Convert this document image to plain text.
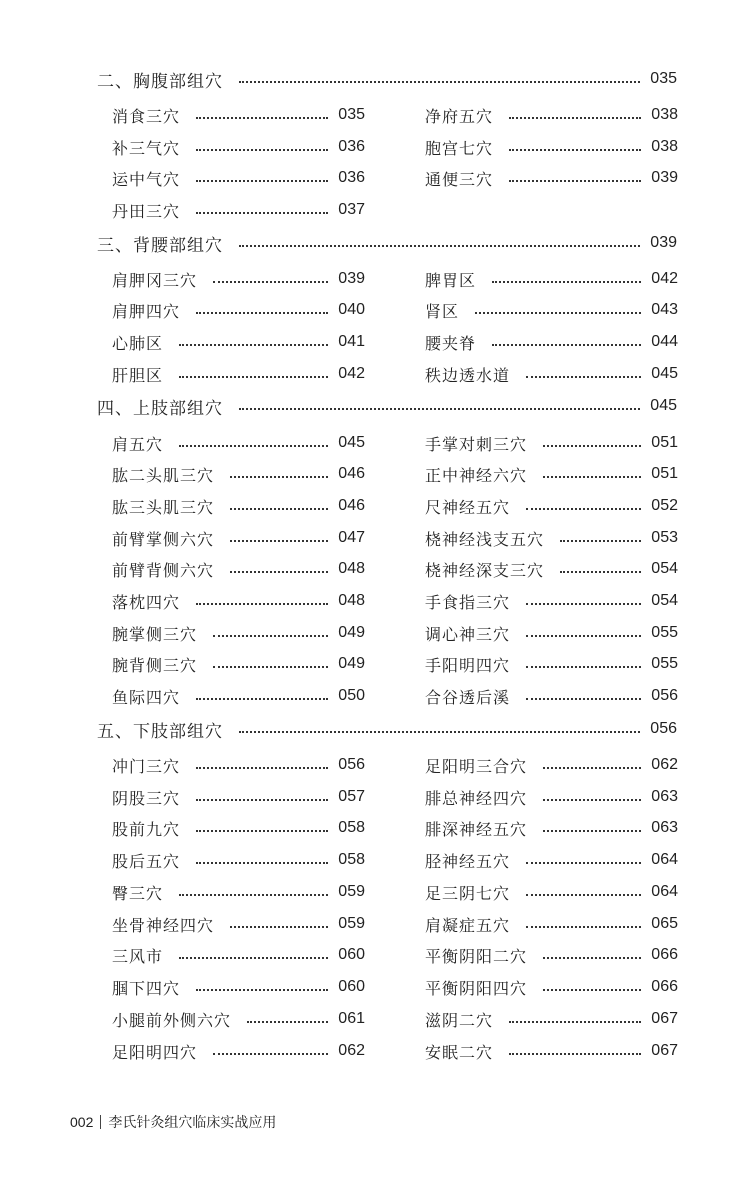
二、胸腹部组穴	035
消食三穴	035
补三气穴	036
运中气穴	036
丹田三穴	037
净府五穴	038
胞宫七穴	038
通便三穴	039
三、背腰部组穴	039
肩胛冈三穴	039
肩胛四穴	040
心肺区	041
肝胆区	042
脾胃区	042
肾区	043
腰夹脊	044
秩边透水道	045
四、上肢部组穴	045
肩五穴	045
肱二头肌三穴	046
肱三头肌三穴	046
前臂掌侧六穴	047
前臂背侧六穴	048
落枕四穴	048
腕掌侧三穴	049
腕背侧三穴	049
鱼际四穴	050
手掌对刺三穴	051
正中神经六穴	051
尺神经五穴	052
桡神经浅支五穴	053
桡神经深支三穴	054
手食指三穴	054
调心神三穴	055
手阳明四穴	055
合谷透后溪	056
五、下肢部组穴	056
冲门三穴	056
阴股三穴	057
股前九穴	058
股后五穴	058
臀三穴	059
坐骨神经四穴	059
三风市	060
腘下四穴	060
小腿前外侧六穴	061
足阳明四穴	062
足阳明三合穴	062
腓总神经四穴	063
腓深神经五穴	063
胫神经五穴	064
足三阴七穴	064
肩凝症五穴	065
平衡阴阳二穴	066
平衡阴阳四穴	066
滋阴二穴	067
安眠二穴	067
002 李氏针灸组穴临床实战应用
